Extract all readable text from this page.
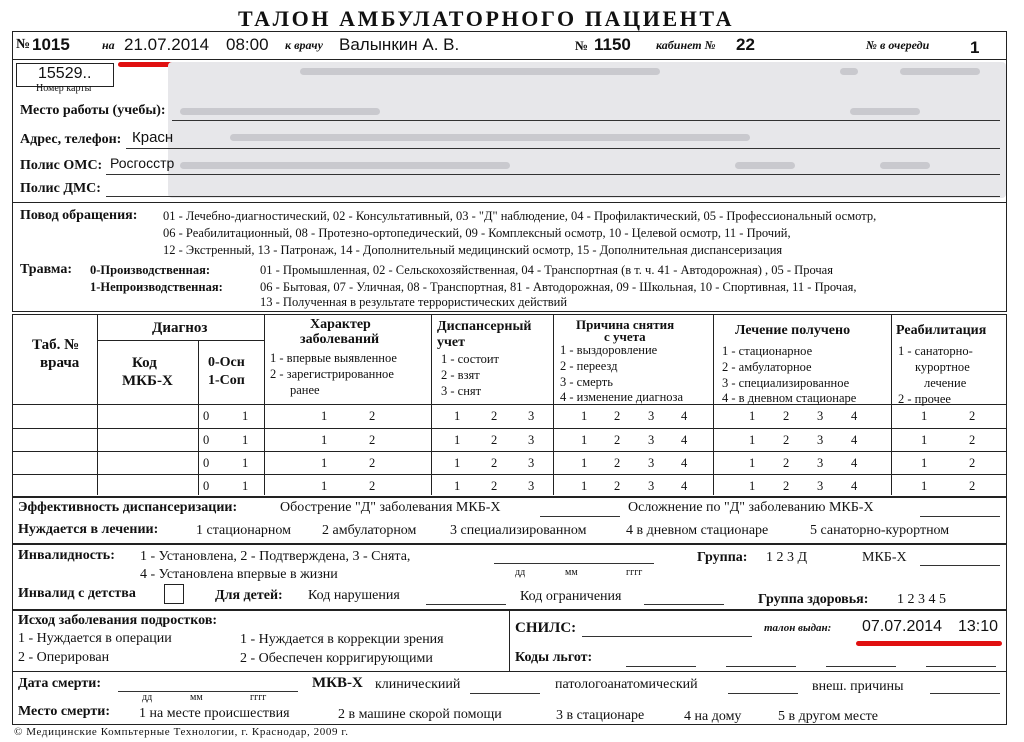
ТАЛОН АМБУЛАТОРНОГО ПАЦИЕНТА
№ 1015	на 21.07.2014 08:00 к врачу Валынкин А. В.	№ 1150 кабинет № 22	№ в очереди 1
15529..
Номер карты
Место работы (учебы):
Адрес, телефон: Красн
Полис ОМС: Росгосстр
Полис ДМС:
Повод обращения: 01 - Лечебно-диагностический, 02 - Консультативный, 03 - "Д" наблюдение, 04 - Профилактический, 05 - Профессиональный осмотр,
06 - Реабилитационный, 08 - Протезно-ортопедический, 09 - Комплексный осмотр, 10 - Целевой осмотр, 11 - Прочий,
12 - Экстренный, 13 - Патронаж, 14 - Дополнительный медицинский осмотр, 15 - Дополнительная диспансеризация
Травма: 0-Производственная:
1-Непроизводственная:
01 - Промышленная, 02 - Сельскохозяйственная, 04 - Транспортная (в т. ч. 41 - Автодорожная) , 05 - Прочая
06 - Бытовая, 07 - Уличная, 08 - Транспортная, 81 - Автодорожная, 09 - Школьная, 10 - Спортивная, 11 - Прочая,
13 - Полученная в результате террористических действий
Таб. №
врача
Диагноз
Код
МКБ-Х
0-Осн
1-Соп
Характер
заболеваний
1 - впервые выявленное
2 - зарегистрированное
ранее
Диспансерный
учет
1 - состоит
2 - взят
3 - снят
Причина снятия
с учета
1 - выздоровление
2 - переезд
3 - смерть
4 - изменение диагноза
Лечение получено
1 - стационарное
2 - амбулаторное
3 - специализированное
4 - в дневном стационаре
Реабилитация
1 - санаторно-
курортное
лечение
2 - прочее
0	1	1	2	1 2 3	1 2 3 4	1 2 3 4	1	2
0	1	1	2	1 2 3	1 2 3 4	1 2 3 4	1	2
0	1	1	2	1 2 3	1 2 3 4	1 2 3 4	1	2
0	1	1	2	1 2 3	1 2 3 4	1 2 3 4	1	2
Эффективность диспансеризации:	Обострение "Д" заболевания МКБ-Х	Осложнение по "Д" заболеванию МКБ-Х
Нуждается в лечении:	1 стационарном 2 амбулаторном 3 специализированном	4 в дневном стационаре	5 санаторно-курортном
Инвалидность: 1 - Установлена, 2 - Подтверждена, 3 - Снята,
4 - Установлена впервые в жизни	дд	мм	гггг
Группа: 1 2 3 Д	МКБ-Х
Инвалид с детства	Для детей: Код нарушения	Код ограничения	Группа здоровья: 1 2 3 4 5
Исход заболевания подростков:
1 - Нуждается в операции
2 - Оперирован
1 - Нуждается в коррекции зрения
2 - Обеспечен корригирующими
СНИЛС:	талон выдан: 07.07.2014 13:10
Коды льгот:
Дата смерти:
дд	мм	гггг
МКВ-Х клиническиий	патологоанатомический	внеш. причины
Место смерти: 1 на месте происшествия	2 в машине скорой помощи	3 в стационаре	4 на дому	5 в другом месте
© Медицинские Компьтерные Технологии, г. Краснодар, 2009 г.
